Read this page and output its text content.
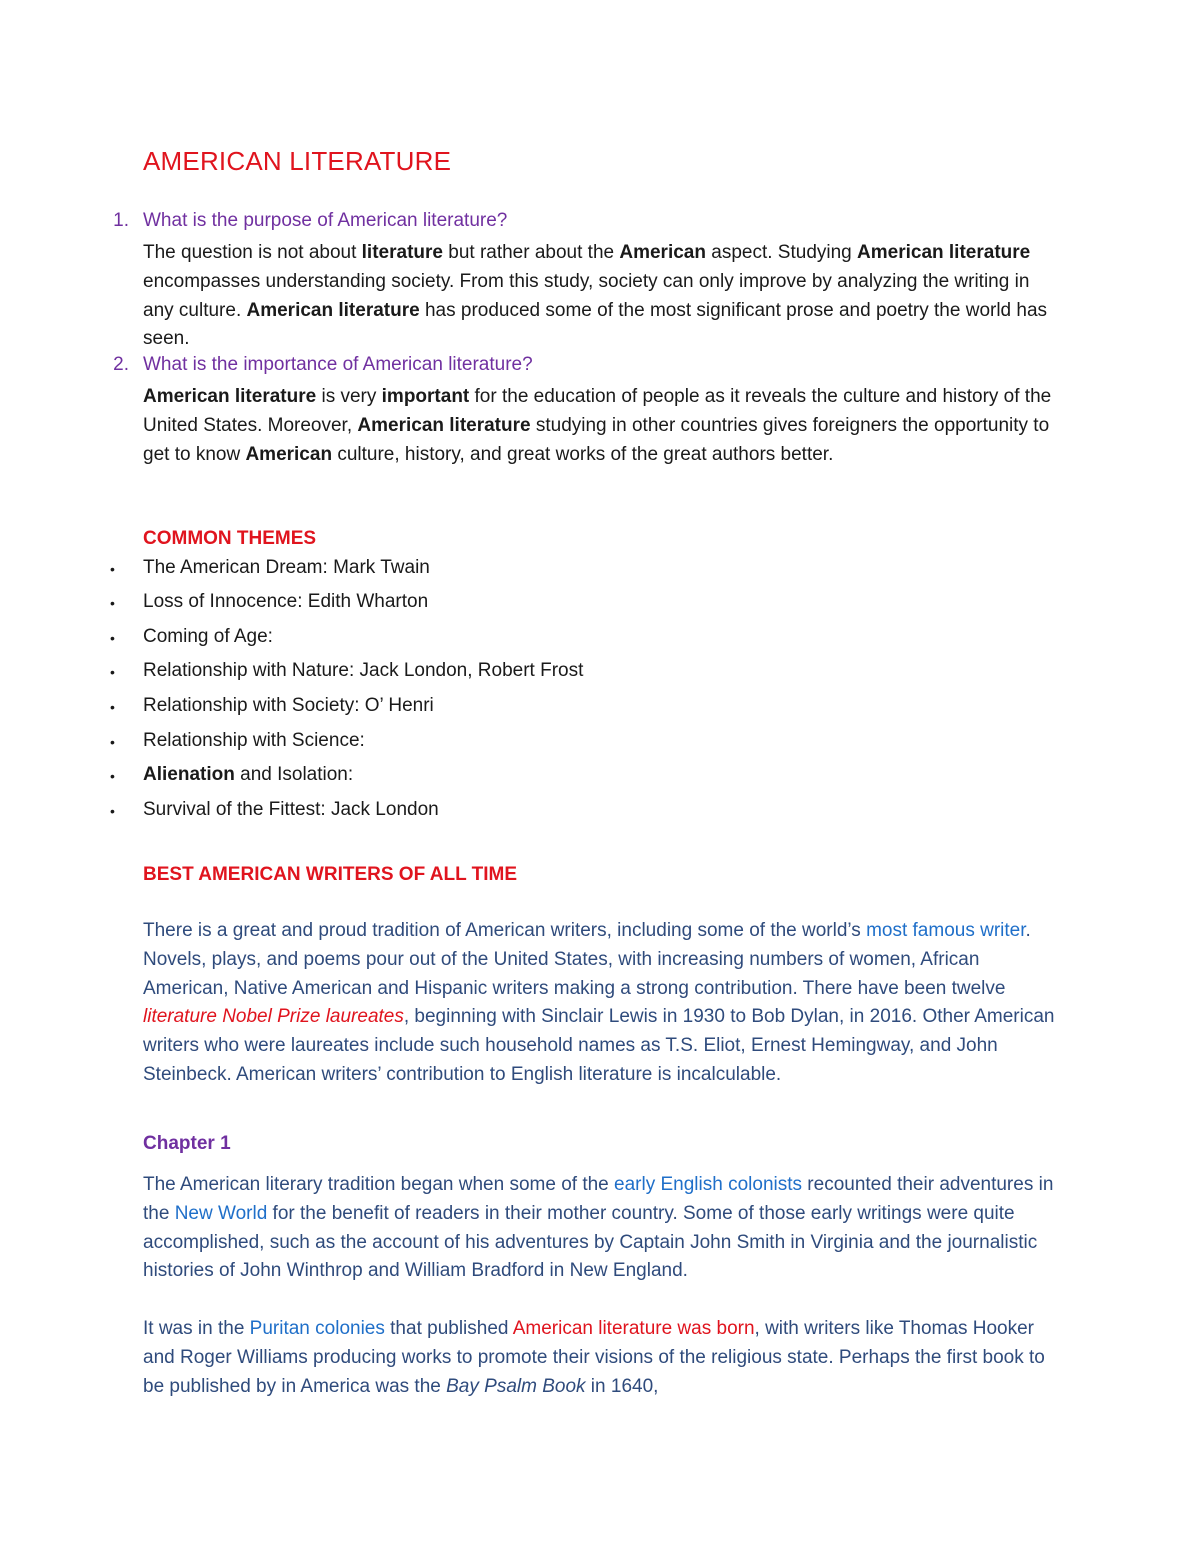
AMERICAN LITERATURE

1. What is the purpose of American literature?

The question is not about literature but rather about the American aspect. Studying American literature encompasses understanding society. From this study, society can only improve by analyzing the writing in any culture. American literature has produced some of the most significant prose and poetry the world has seen.

2. What is the importance of American literature?

American literature is very important for the education of people as it reveals the culture and history of the United States. Moreover, American literature studying in other countries gives foreigners the opportunity to get to know American culture, history, and great works of the great authors better.

COMMON THEMES

• The American Dream: Mark Twain
• Loss of Innocence: Edith Wharton
• Coming of Age:
• Relationship with Nature: Jack London, Robert Frost
• Relationship with Society: O’ Henri
• Relationship with Science:
• Alienation and Isolation:
• Survival of the Fittest: Jack London

BEST AMERICAN WRITERS OF ALL TIME

There is a great and proud tradition of American writers, including some of the world’s most famous writer. Novels, plays, and poems pour out of the United States, with increasing numbers of women, African American, Native American and Hispanic writers making a strong contribution. There have been twelve literature Nobel Prize laureates, beginning with Sinclair Lewis in 1930 to Bob Dylan, in 2016. Other American writers who were laureates include such household names as T.S. Eliot, Ernest Hemingway, and John Steinbeck. American writers’ contribution to English literature is incalculable.

Chapter 1

The American literary tradition began when some of the early English colonists recounted their adventures in the New World for the benefit of readers in their mother country. Some of those early writings were quite accomplished, such as the account of his adventures by Captain John Smith in Virginia and the journalistic histories of John Winthrop and William Bradford in New England.

It was in the Puritan colonies that published American literature was born, with writers like Thomas Hooker and Roger Williams producing works to promote their visions of the religious state. Perhaps the first book to be published by in America was the Bay Psalm Book in 1640,
